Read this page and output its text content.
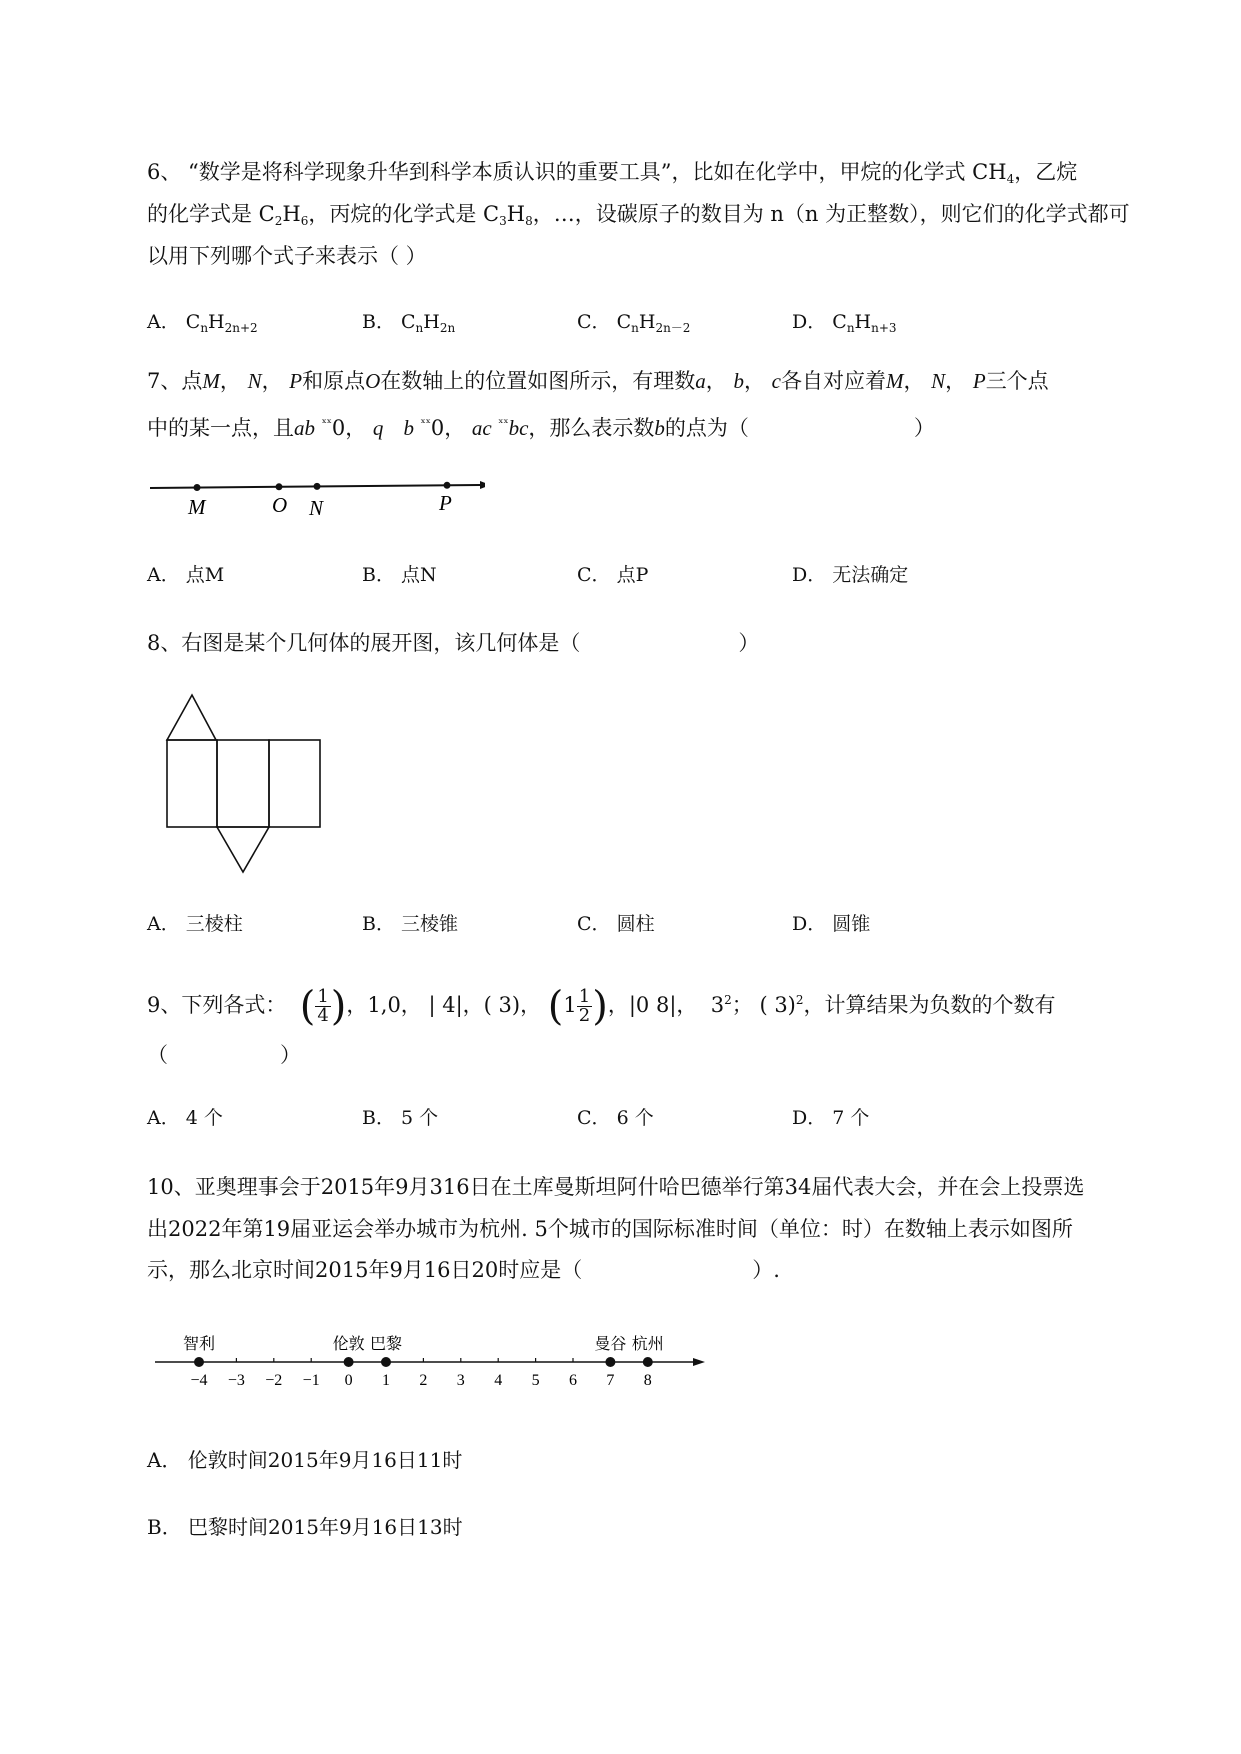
6、 “数学是将科学现象升华到科学本质认识的重要工具”，比如在化学中，甲烷的化学式 $CH_4$，乙烷
的化学式是 $C_2H_6$，丙烷的化学式是 $C_3H_8$，…，设碳原子的数目为 n（n 为正整数），则它们的化学式都可
以用下列哪个式子来表示（ ）
A． $C_nH_{2n+2}$	B． $C_nH_{2n}$	C． $C_nH_{2n-2}$	D． $C_nH_{n+3}$
7、点M， N， P和原点O在数轴上的位置如图所示，有理数a， b， c各自对应着M， N， P三个点
中的某一点，且ab $^{ˣˣ}$0， q b $^{ˣˣ}$0， ac $^{ˣˣ}$bc，那么表示数b的点为（	）
M	O N	P
A． 点M	B． 点N	C． 点P	D． 无法确定
8、右图是某个几何体的展开图，该几何体是（	）
A． 三棱柱	B． 三棱锥	C． 圆柱	D． 圆锥
9、下列各式： ( $\frac{1}{4}$ )，1,0， | 4|，( 3)， ($1 \frac{1}{2}$ )，|0 8|， $3^2$； ( 3)$^2$，计算结果为负数的个数有
（	）
A． 4 个	B． 5 个	C． 6 个	D． 7 个
10、亚奥理事会于2015年9月316日在土库曼斯坦阿什哈巴德举行第34届代表大会，并在会上投票选
出2022年第19届亚运会举办城市为杭州. 5个城市的国际标准时间（单位：时）在数轴上表示如图所
示，那么北京时间2015年9月16日20时应是（	）.
−4 −3 −2 −1 0 1 2 3 4 5 6 7 8
智利	伦敦 巴黎	曼谷 杭州
A． 伦敦时间2015年9月16日11时
B． 巴黎时间2015年9月16日13时
